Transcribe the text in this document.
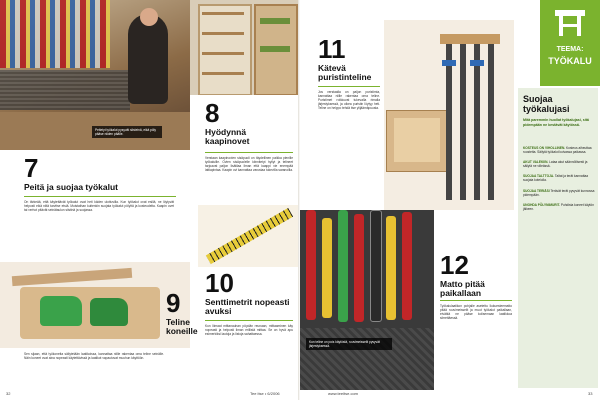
Peitetyt työkalut pysyvät siisteinä, eikä pöly pääse niiden päälle.
7
Peitä ja suojaa työkalut
On tärkeää, että käytettävät työkalut ovat heti käden ulottuvilla. Kun työkalut ovat esillä, ne löytyvät helposti eikä niitä tarvitse etsiä. Muistathan kuitenkin suojata työkalut pölyltä ja kosteudelta. Kaapin ovet tai verhot pitävät seinätaulun siistinä ja suojassa.
8
Hyödynnä kaapinovet
Verstaan kaapinovien sisäpuoli on täydellinen paikka pienille työkaluille. Ovien sisäpuolelle kiinnitetyt hyllyt ja telineet tarjoavat paljon lisätilaa ilman että kaappi vie enempää lattiapintaa. Kaapin ovi kannattaa varustaa tukevilla saranoilla.
Sen sijaan, että työkoneita säilytetään laatikoissa, kannattaa niille rakentaa oma teline seinälle. Näin koneet ovat aina nopeasti käytettävissä ja laatikot vapautuvat muuhun käyttöön.
9
Teline koneille
10
Senttimetrit nopeasti avuksi
Kun liimaat mittanauhan pöydän reunaan, mittaaminen käy nopeasti ja helposti ilman erillistä mittaa. Se on hyvä apu esimerkiksi lautoja ja listoja sahattaessa.
32	Tee itse • 6/2006
11
Kätevä puristinteline
Jos verstaalla on paljon puristimia, kannattaa niille rakentaa oma teline. Puristimet roikkuvat tukevalla rimalla järjestyksessä, ja oikea puristin löytyy heti. Teline on helppo tehdä itse ylijäämäpuusta.
Kun teline on pois käytöstä, ruuvimeisselit pysyvät järjestyksessä.
12
Matto pitää paikallaan
Työkalulaatikon pohjalle asetettu liukuesteematto pitää ruuvimeisselit ja muut työkalut paikallaan, eivätkä ne pääse kolisemaan laatikkoa siirrettäessä.
www.teeitse.com	33
TEEMA:
TYÖKALU
Suojaa työkalujasi
Mitä paremmin huollat työkalujasi, sitä pidempään ne kestävät käytössä.
KOSTEUS ON VIHOLLINEN. Kosteus aiheuttaa ruostetta. Säilytä työkalut kuivassa paikassa.
AKUT VALEKIIN. Lataa akut säännöllisesti ja säilytä ne viileässä.
SUOJAA TALTTOJA. Taltat ja terät kannattaa suojata kotelolla.
SUOJAA TERIÄSI Terävät terät pysyvät kunnossa pidempään.
UNOHDA PÖLYNIMURIT. Puhdista koneet käytön jälkeen.
